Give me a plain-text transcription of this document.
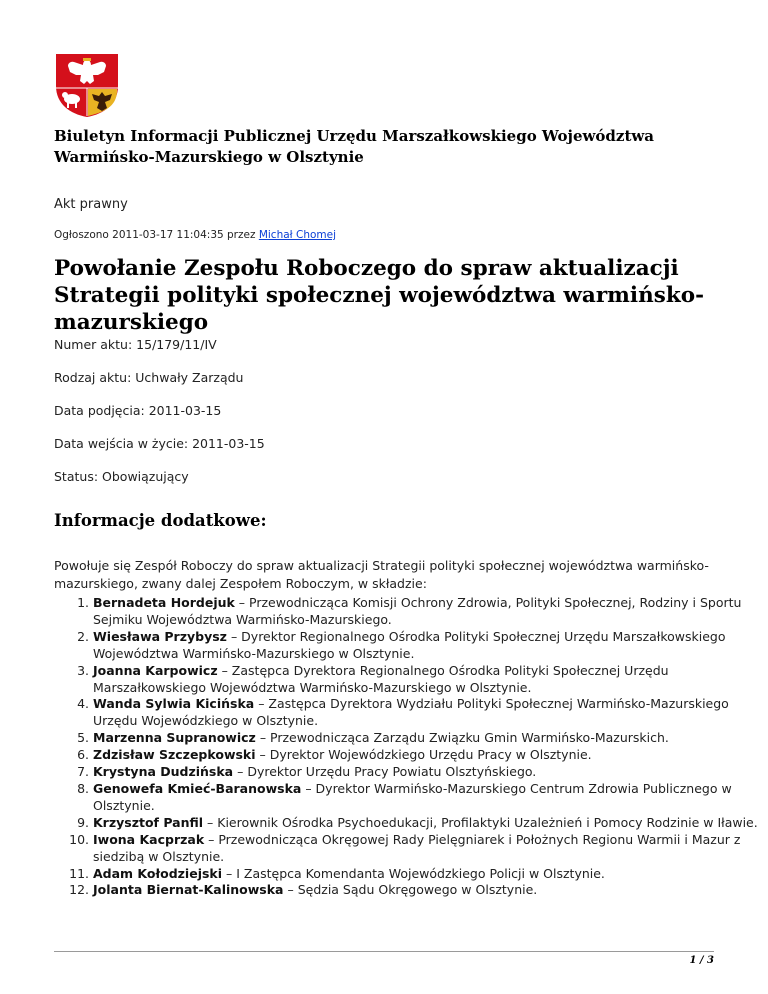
Biuletyn Informacji Publicznej Urzędu Marszałkowskiego Województwa Warmińsko-Mazurskiego w Olsztynie
Akt prawny
Ogłoszono 2011-03-17 11:04:35 przez Michał Chomej
Powołanie Zespołu Roboczego do spraw aktualizacji Strategii polityki społecznej województwa warmińsko-mazurskiego
Numer aktu: 15/179/11/IV
Rodzaj aktu: Uchwały Zarządu
Data podjęcia: 2011-03-15
Data wejścia w życie: 2011-03-15
Status: Obowiązujący
Informacje dodatkowe:
Powołuje się Zespół Roboczy do spraw aktualizacji Strategii polityki społecznej województwa warmińsko-mazurskiego, zwany dalej Zespołem Roboczym, w składzie:
1. Bernadeta Hordejuk – Przewodnicząca Komisji Ochrony Zdrowia, Polityki Społecznej, Rodziny i Sportu Sejmiku Województwa Warmińsko-Mazurskiego.
2. Wiesława Przybysz – Dyrektor Regionalnego Ośrodka Polityki Społecznej Urzędu Marszałkowskiego Województwa Warmińsko-Mazurskiego w Olsztynie.
3. Joanna Karpowicz – Zastępca Dyrektora Regionalnego Ośrodka Polityki Społecznej Urzędu Marszałkowskiego Województwa Warmińsko-Mazurskiego w Olsztynie.
4. Wanda Sylwia Kicińska – Zastępca Dyrektora Wydziału Polityki Społecznej Warmińsko-Mazurskiego Urzędu Wojewódzkiego w Olsztynie.
5. Marzenna Supranowicz – Przewodnicząca Zarządu Związku Gmin Warmińsko-Mazurskich.
6. Zdzisław Szczepkowski – Dyrektor Wojewódzkiego Urzędu Pracy w Olsztynie.
7. Krystyna Dudzińska – Dyrektor Urzędu Pracy Powiatu Olsztyńskiego.
8. Genowefa Kmieć-Baranowska – Dyrektor Warmińsko-Mazurskiego Centrum Zdrowia Publicznego w Olsztynie.
9. Krzysztof Panfil – Kierownik Ośrodka Psychoedukacji, Profilaktyki Uzależnień i Pomocy Rodzinie w Iławie.
10. Iwona Kacprzak – Przewodnicząca Okręgowej Rady Pielęgniarek i Położnych Regionu Warmii i Mazur z siedzibą w Olsztynie.
11. Adam Kołodziejski – I Zastępca Komendanta Wojewódzkiego Policji w Olsztynie.
12. Jolanta Biernat-Kalinowska – Sędzia Sądu Okręgowego w Olsztynie.
1 / 3
